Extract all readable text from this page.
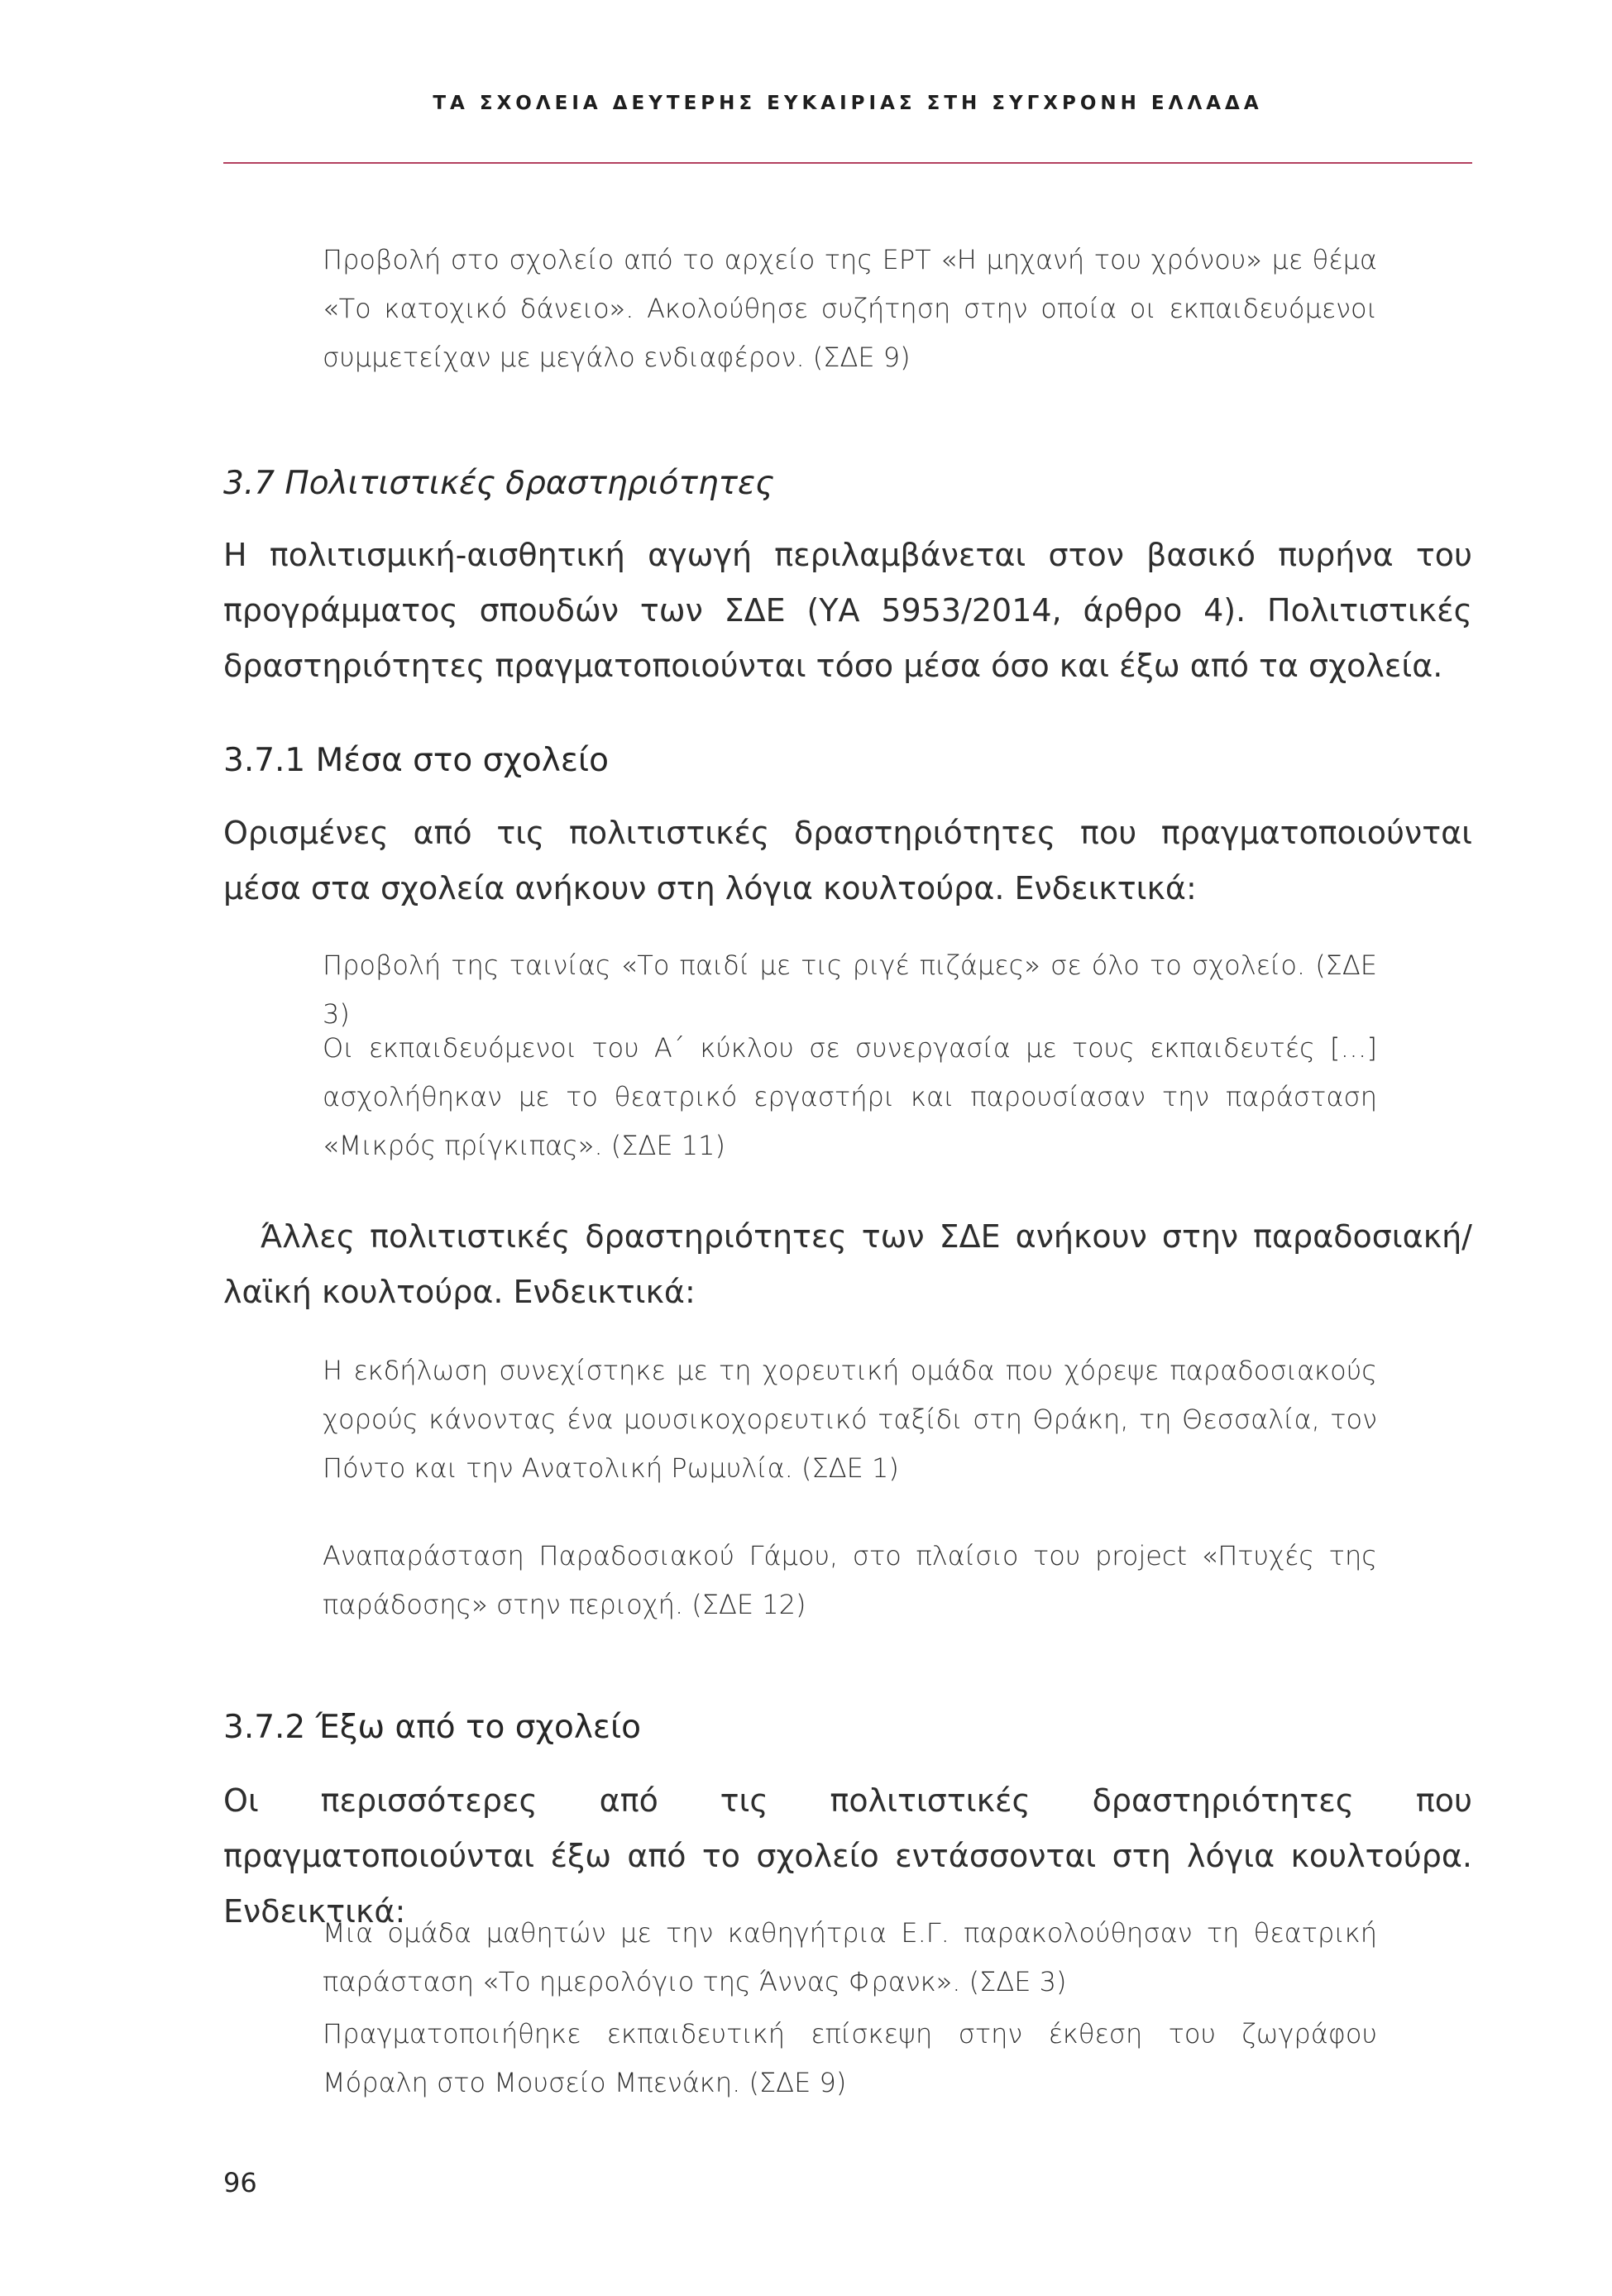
ΤΑ ΣΧΟΛΕΙΑ ΔΕΥΤΕΡΗΣ ΕΥΚΑΙΡΙΑΣ ΣΤΗ ΣΥΓΧΡΟΝΗ ΕΛΛΑΔΑ

Προβολή στο σχολείο από το αρχείο της ΕΡΤ «Η μηχανή του χρόνου» με θέμα «Το κατοχικό δάνειο». Ακολούθησε συζήτηση στην οποία οι εκπαιδευόμενοι συμμετείχαν με μεγάλο ενδιαφέρον. (ΣΔΕ 9)

3.7 Πολιτιστικές δραστηριότητες

Η πολιτισμική-αισθητική αγωγή περιλαμβάνεται στον βασικό πυρήνα του προγράμματος σπουδών των ΣΔΕ (ΥΑ 5953/2014, άρθρο 4). Πολιτιστικές δραστηριότητες πραγματοποιούνται τόσο μέσα όσο και έξω από τα σχολεία.

3.7.1 Μέσα στο σχολείο

Ορισμένες από τις πολιτιστικές δραστηριότητες που πραγματοποιούνται μέσα στα σχολεία ανήκουν στη λόγια κουλτούρα. Ενδεικτικά:

Προβολή της ταινίας «Το παιδί με τις ριγέ πιζάμες» σε όλο το σχολείο. (ΣΔΕ 3)

Οι εκπαιδευόμενοι του Α΄ κύκλου σε συνεργασία με τους εκπαιδευτές […] ασχολήθηκαν με το θεατρικό εργαστήρι και παρουσίασαν την παράσταση «Μικρός πρίγκιπας». (ΣΔΕ 11)

Άλλες πολιτιστικές δραστηριότητες των ΣΔΕ ανήκουν στην παραδοσιακή/λαϊκή κουλτούρα. Ενδεικτικά:

Η εκδήλωση συνεχίστηκε με τη χορευτική ομάδα που χόρεψε παραδοσιακούς χορούς κάνοντας ένα μουσικοχορευτικό ταξίδι στη Θράκη, τη Θεσσαλία, τον Πόντο και την Ανατολική Ρωμυλία. (ΣΔΕ 1)

Αναπαράσταση Παραδοσιακού Γάμου, στο πλαίσιο του project «Πτυχές της παράδοσης» στην περιοχή. (ΣΔΕ 12)

3.7.2 Έξω από το σχολείο

Οι περισσότερες από τις πολιτιστικές δραστηριότητες που πραγματοποιούνται έξω από το σχολείο εντάσσονται στη λόγια κουλτούρα. Ενδεικτικά:

Μια ομάδα μαθητών με την καθηγήτρια Ε.Γ. παρακολούθησαν τη θεατρική παράσταση «Το ημερολόγιο της Άννας Φρανκ». (ΣΔΕ 3)

Πραγματοποιήθηκε εκπαιδευτική επίσκεψη στην έκθεση του ζωγράφου Μόραλη στο Μουσείο Μπενάκη. (ΣΔΕ 9)

96
